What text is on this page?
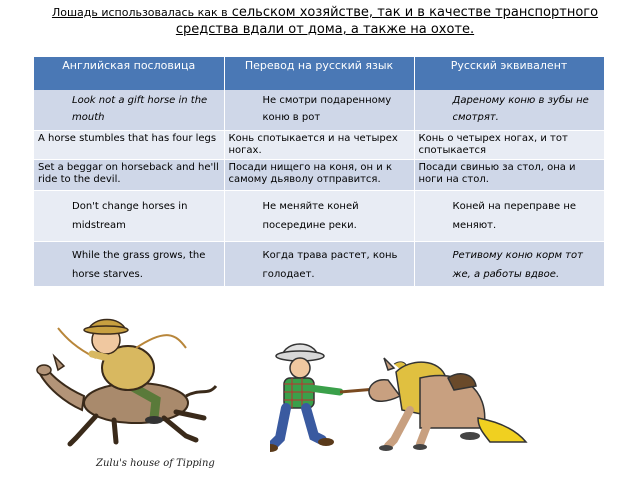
Лошадь использовалась как в сельском хозяйстве, так и в качестве транспортного средства вдали от дома, а также на охоте.
Английская пословица	Перевод на русский язык	Русский эквивалент

Look not a gift horse in the mouth	Не смотри подаренному коню в рот	Дареному коню в зубы не смотрят.

A horse stumbles that has four legs	Конь спотыкается и на четырех ногах.	Конь о четырех ногах, и тот спотыкается
Set a beggar on horseback and he'll ride to the devil.	Посади нищего на коня, он и к самому дьяволу отправится.	Посади свинью за стол, она и ноги на стол.

Don't change horses in midstream	Не меняйте коней посередине реки.	Коней на переправе не меняют.

While the grass grows, the horse starves.	Когда трава растет, конь голодает.	Ретивому коню корм тот же, а работы вдвое.
Zulu's house of Tipping
